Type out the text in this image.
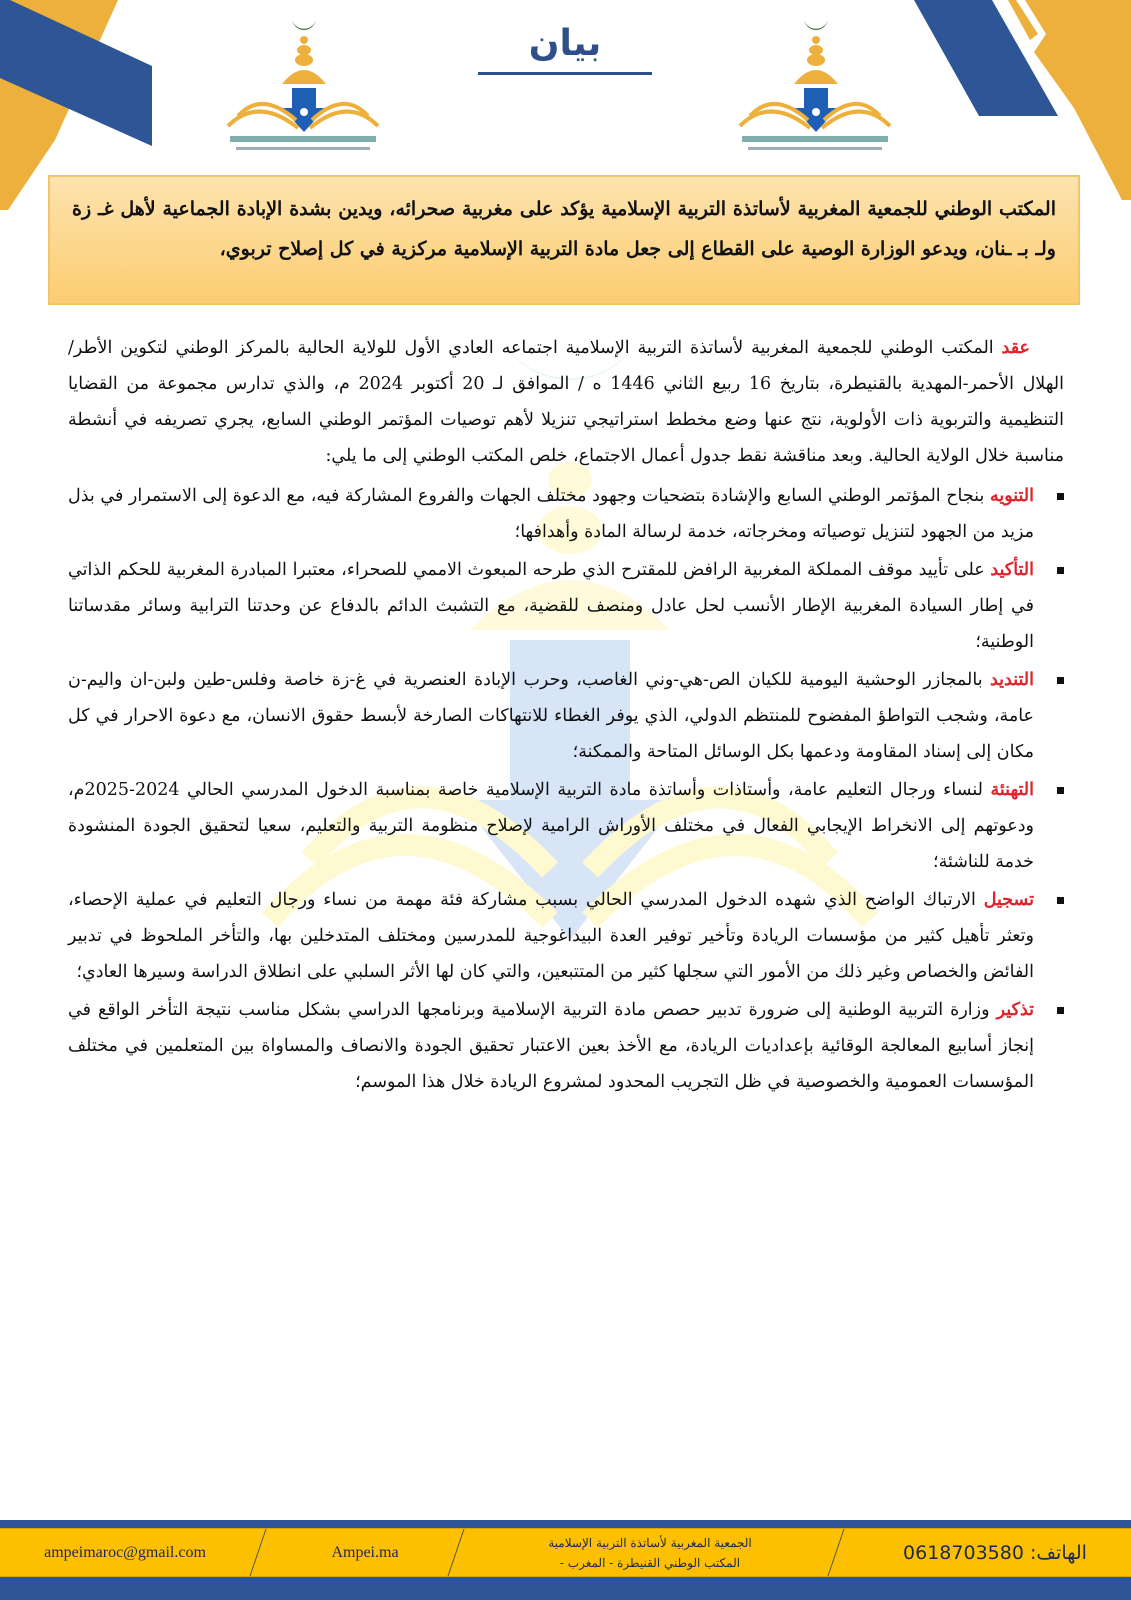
بيان

المكتب الوطني للجمعية المغربية لأساتذة التربية الإسلامية يؤكد على مغربية صحرائه، ويدين بشدة الإبادة الجماعية لأهل غـ زة ولـ بـ ـنان، ويدعو الوزارة الوصية على القطاع إلى جعل مادة التربية الإسلامية مركزية في كل إصلاح تربوي،

عقد المكتب الوطني للجمعية المغربية لأساتذة التربية الإسلامية اجتماعه العادي الأول للولاية الحالية بالمركز الوطني لتكوين الأطر/الهلال الأحمر-المهدية بالقنيطرة، بتاريخ 16 ربيع الثاني 1446 ه / الموافق لـ 20 أكتوبر 2024 م، والذي تدارس مجموعة من القضايا التنظيمية والتربوية ذات الأولوية، نتج عنها وضع مخطط استراتيجي تنزيلا لأهم توصيات المؤتمر الوطني السابع، يجري تصريفه في أنشطة مناسبة خلال الولاية الحالية. وبعد مناقشة نقط جدول أعمال الاجتماع، خلص المكتب الوطني إلى ما يلي:

التنويه بنجاح المؤتمر الوطني السابع والإشادة بتضحيات وجهود مختلف الجهات والفروع المشاركة فيه، مع الدعوة إلى الاستمرار في بذل مزيد من الجهود لتنزيل توصياته ومخرجاته، خدمة لرسالة المادة وأهدافها؛
التأكيد على تأييد موقف المملكة المغربية الرافض للمقترح الذي طرحه المبعوث الاممي للصحراء، معتبرا المبادرة المغربية للحكم الذاتي في إطار السيادة المغربية الإطار الأنسب لحل عادل ومنصف للقضية، مع التشبث الدائم بالدفاع عن وحدتنا الترابية وسائر مقدساتنا الوطنية؛
التنديد بالمجازر الوحشية اليومية للكيان الص-هي-وني الغاصب، وحرب الإبادة العنصرية في غ-زة خاصة وفلس-طين ولبن-ان واليم-ن عامة، وشجب التواطؤ المفضوح للمنتظم الدولي، الذي يوفر الغطاء للانتهاكات الصارخة لأبسط حقوق الانسان، مع دعوة الاحرار في كل مكان إلى إسناد المقاومة ودعمها بكل الوسائل المتاحة والممكنة؛
التهنئة لنساء ورجال التعليم عامة، وأستاذات وأساتذة مادة التربية الإسلامية خاصة بمناسبة الدخول المدرسي الحالي 2024-2025م، ودعوتهم إلى الانخراط الإيجابي الفعال في مختلف الأوراش الرامية لإصلاح منظومة التربية والتعليم، سعيا لتحقيق الجودة المنشودة خدمة للناشئة؛
تسجيل الارتباك الواضح الذي شهده الدخول المدرسي الحالي بسبب مشاركة فئة مهمة من نساء ورجال التعليم في عملية الإحصاء، وتعثر تأهيل كثير من مؤسسات الريادة وتأخير توفير العدة البيداغوجية للمدرسين ومختلف المتدخلين بها، والتأخر الملحوظ في تدبير الفائض والخصاص وغير ذلك من الأمور التي سجلها كثير من المتتبعين، والتي كان لها الأثر السلبي على انطلاق الدراسة وسيرها العادي؛
تذكير وزارة التربية الوطنية إلى ضرورة تدبير حصص مادة التربية الإسلامية وبرنامجها الدراسي بشكل مناسب نتيجة التأخر الواقع في إنجاز أسابيع المعالجة الوقائية بإعداديات الريادة، مع الأخذ بعين الاعتبار تحقيق الجودة والانصاف والمساواة بين المتعلمين في مختلف المؤسسات العمومية والخصوصية في ظل التجريب المحدود لمشروع الريادة خلال هذا الموسم؛
الهاتف: 0618703580
الجمعية المغربية لأساتذة التربية الإسلامية
المكتب الوطني القنيطرة - المغرب -
Ampei.ma
ampeimaroc@gmail.com
